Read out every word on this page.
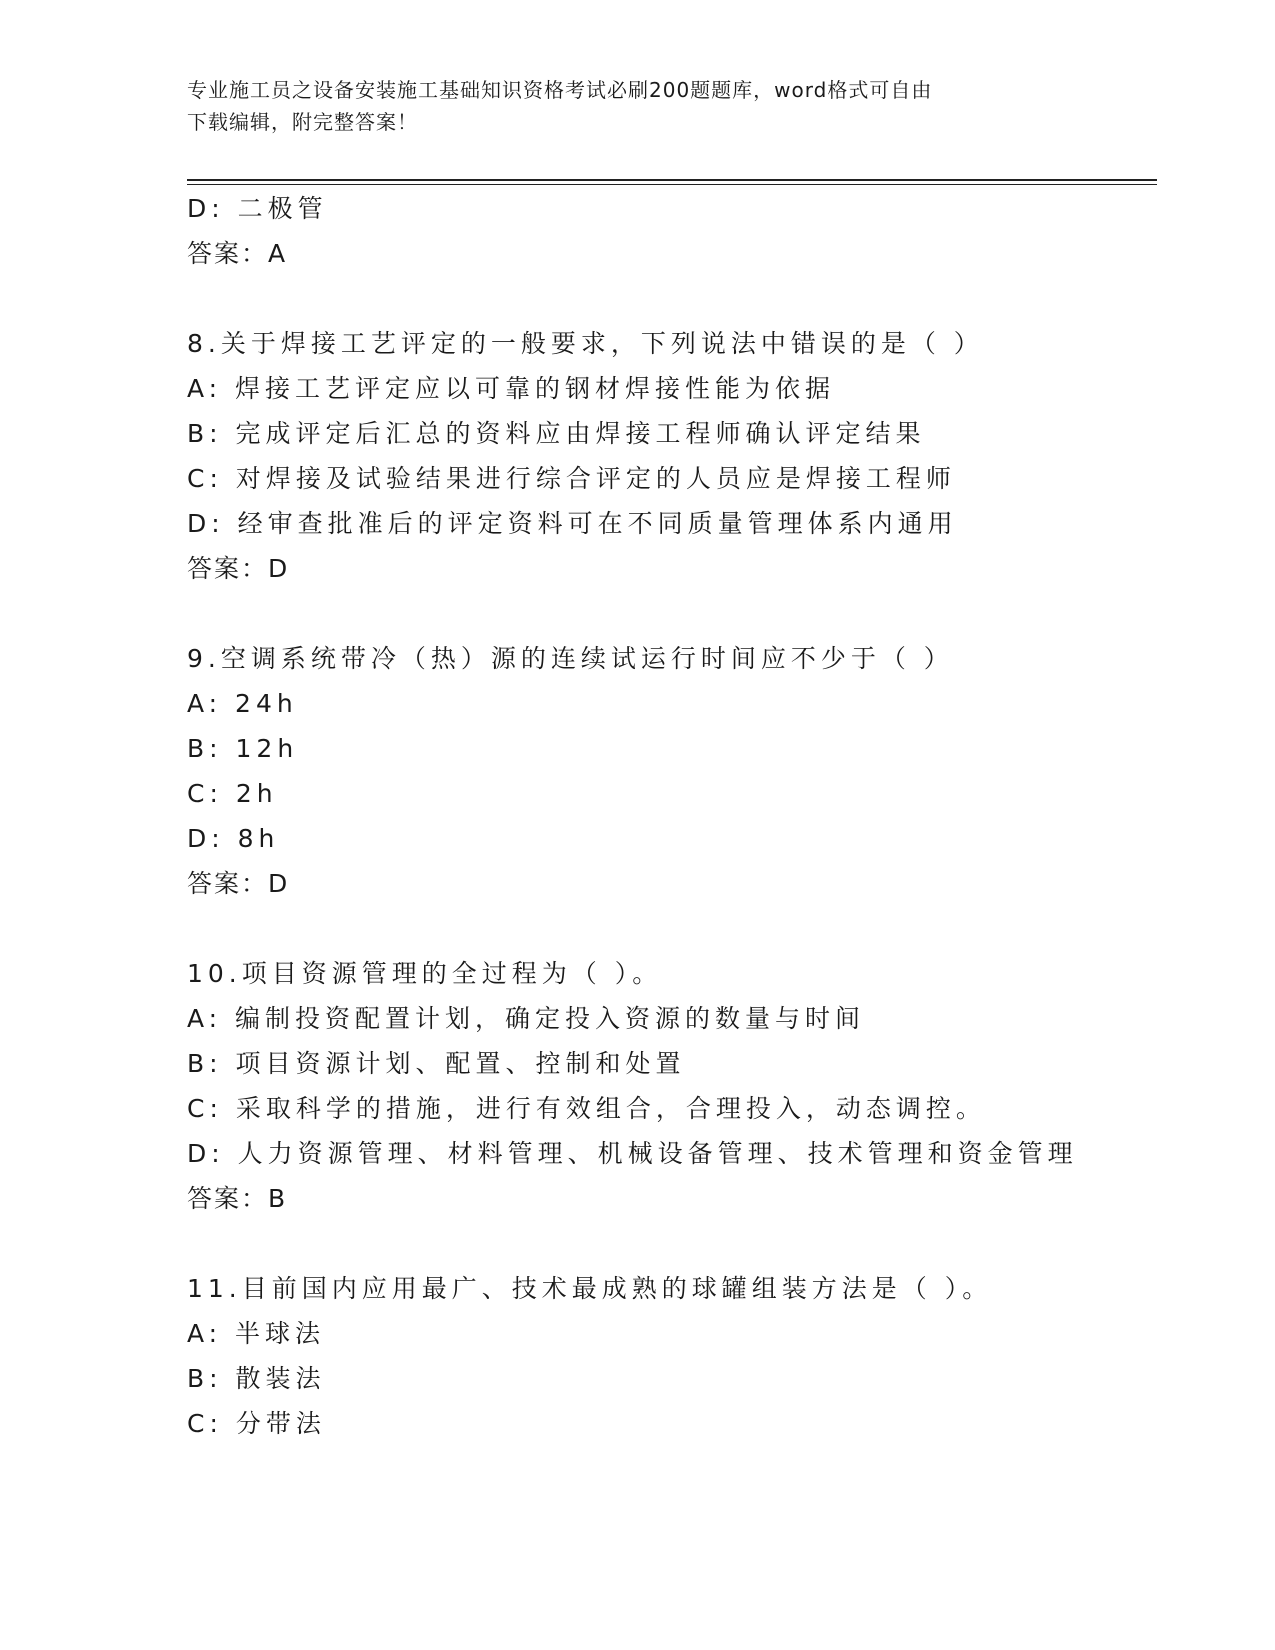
专业施工员之设备安装施工基础知识资格考试必刷200题题库，word格式可自由
下载编辑，附完整答案！
D: 二极管
答案：A
8.关于焊接工艺评定的一般要求，下列说法中错误的是（ ）
A: 焊接工艺评定应以可靠的钢材焊接性能为依据
B: 完成评定后汇总的资料应由焊接工程师确认评定结果
C: 对焊接及试验结果进行综合评定的人员应是焊接工程师
D: 经审查批准后的评定资料可在不同质量管理体系内通用
答案：D
9.空调系统带冷（热）源的连续试运行时间应不少于（ ）
A: 24h
B: 12h
C: 2h
D: 8h
答案：D
10.项目资源管理的全过程为（ ）。
A: 编制投资配置计划，确定投入资源的数量与时间
B: 项目资源计划、配置、控制和处置
C: 采取科学的措施，进行有效组合，合理投入，动态调控。
D: 人力资源管理、材料管理、机械设备管理、技术管理和资金管理
答案：B
11.目前国内应用最广、技术最成熟的球罐组装方法是（ ）。
A: 半球法
B: 散装法
C: 分带法
